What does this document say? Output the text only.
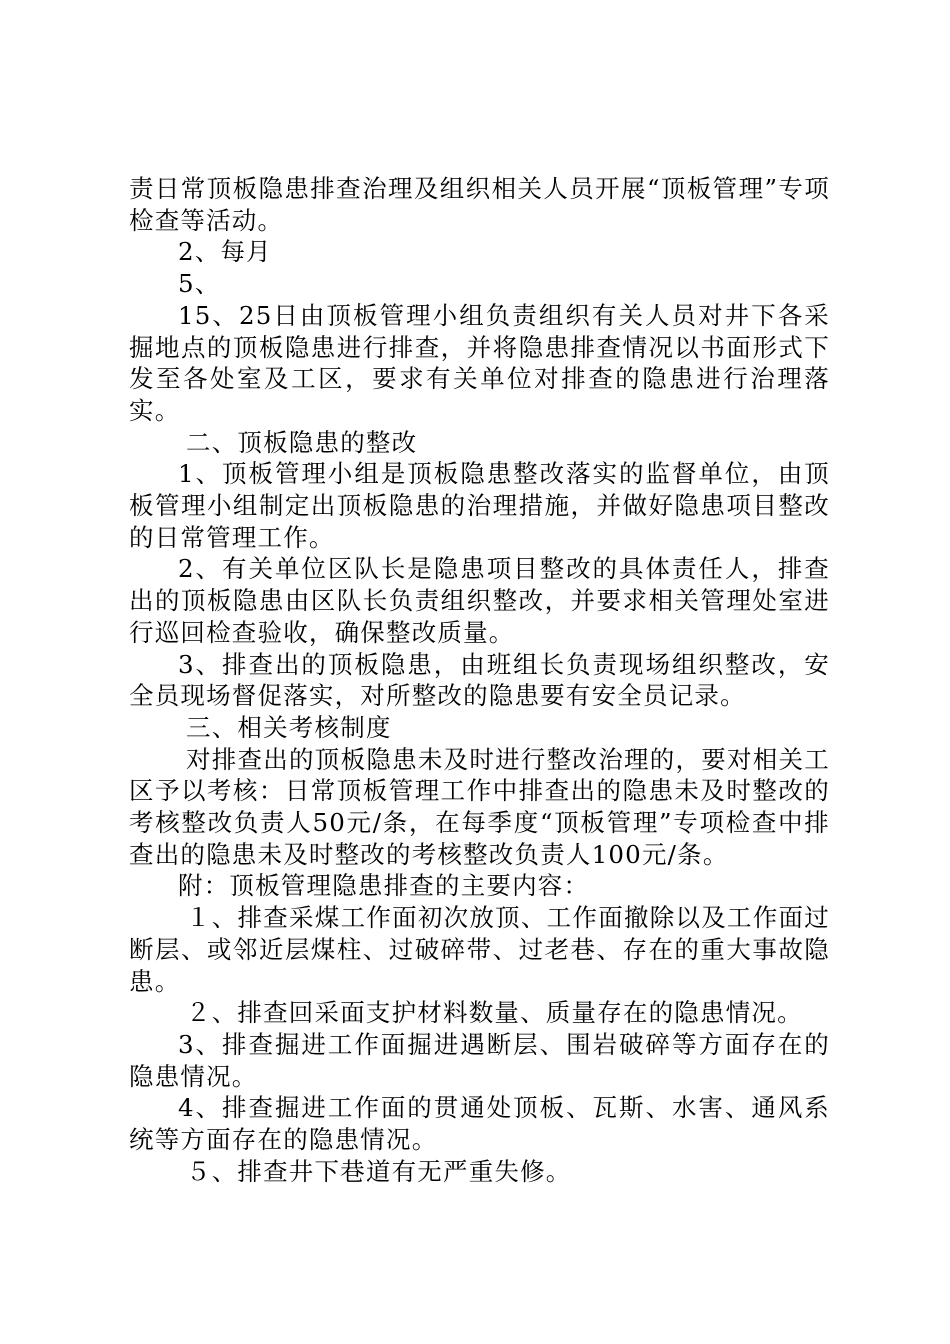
责日常顶板隐患排查治理及组织相关人员开展“顶板管理”专项检查等活动。

2、每月

5、

15、25日由顶板管理小组负责组织有关人员对井下各采掘地点的顶板隐患进行排查，并将隐患排查情况以书面形式下发至各处室及工区，要求有关单位对排查的隐患进行治理落实。

二、顶板隐患的整改

1、顶板管理小组是顶板隐患整改落实的监督单位，由顶板管理小组制定出顶板隐患的治理措施，并做好隐患项目整改的日常管理工作。

2、有关单位区队长是隐患项目整改的具体责任人，排查出的顶板隐患由区队长负责组织整改，并要求相关管理处室进行巡回检查验收，确保整改质量。

3、排查出的顶板隐患，由班组长负责现场组织整改，安全员现场督促落实，对所整改的隐患要有安全员记录。

三、相关考核制度

对排查出的顶板隐患未及时进行整改治理的，要对相关工区予以考核：日常顶板管理工作中排查出的隐患未及时整改的考核整改负责人50元/条，在每季度“顶板管理”专项检查中排查出的隐患未及时整改的考核整改负责人100元/条。

附：顶板管理隐患排查的主要内容：

１、排查采煤工作面初次放顶、工作面撤除以及工作面过断层、或邻近层煤柱、过破碎带、过老巷、存在的重大事故隐患。

２、排查回采面支护材料数量、质量存在的隐患情况。

3、排查掘进工作面掘进遇断层、围岩破碎等方面存在的隐患情况。

4、排查掘进工作面的贯通处顶板、瓦斯、水害、通风系统等方面存在的隐患情况。

５、排查井下巷道有无严重失修。
